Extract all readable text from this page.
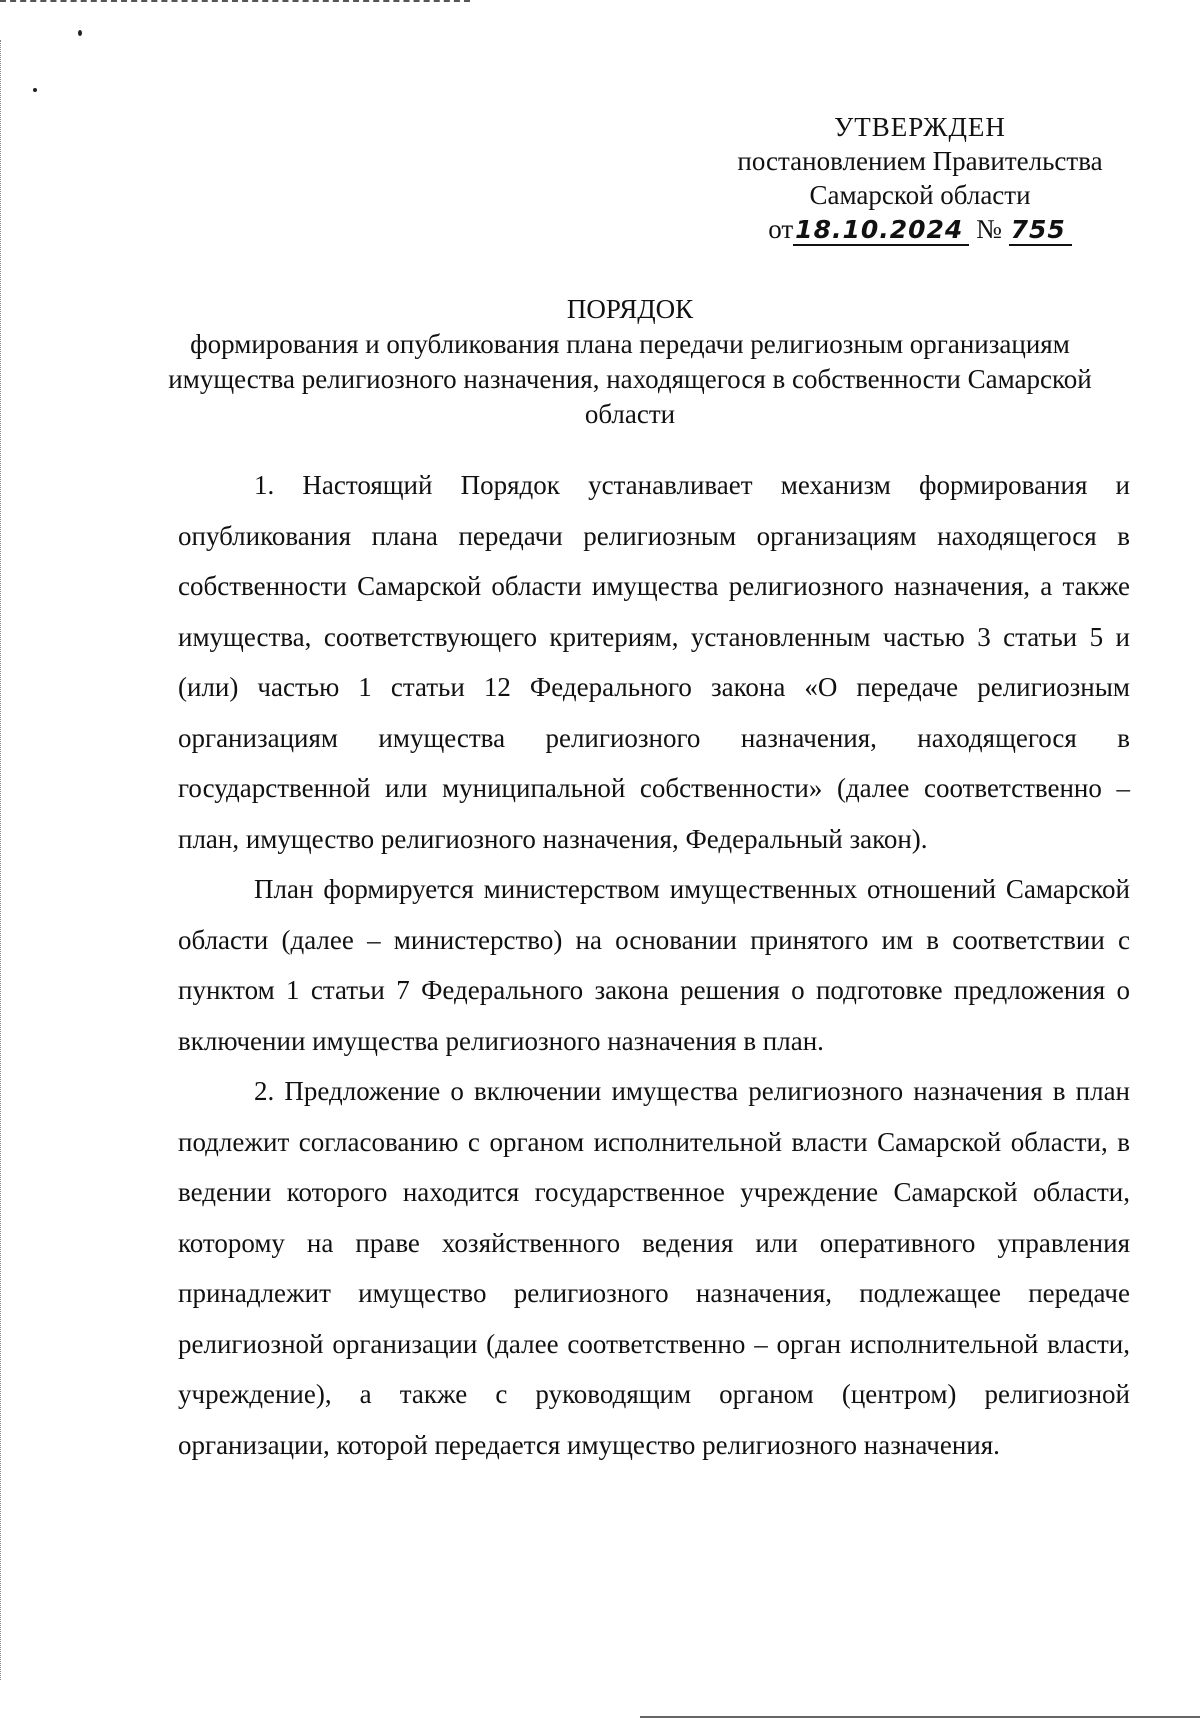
УТВЕРЖДЕН
постановлением Правительства
Самарской области
от18.10.2024 № 755
ПОРЯДОК
формирования и опубликования плана передачи религиозным организациям имущества религиозного назначения, находящегося в собственности Самарской области

1. Настоящий Порядок устанавливает механизм формирования и опубликования плана передачи религиозным организациям находящегося в собственности Самарской области имущества религиозного назначения, а также имущества, соответствующего критериям, установленным частью 3 статьи 5 и (или) частью 1 статьи 12 Федерального закона «О передаче религиозным организациям имущества религиозного назначения, находящегося в государственной или муниципальной собственности» (далее соответственно – план, имущество религиозного назначения, Федеральный закон).

План формируется министерством имущественных отношений Самарской области (далее – министерство) на основании принятого им в соответствии с пунктом 1 статьи 7 Федерального закона решения о подготовке предложения о включении имущества религиозного назначения в план.

2. Предложение о включении имущества религиозного назначения в план подлежит согласованию с органом исполнительной власти Самарской области, в ведении которого находится государственное учреждение Самарской области, которому на праве хозяйственного ведения или оперативного управления принадлежит имущество религиозного назначения, подлежащее передаче религиозной организации (далее соответственно – орган исполнительной власти, учреждение), а также с руководящим органом (центром) религиозной организации, которой передается имущество религиозного назначения.
